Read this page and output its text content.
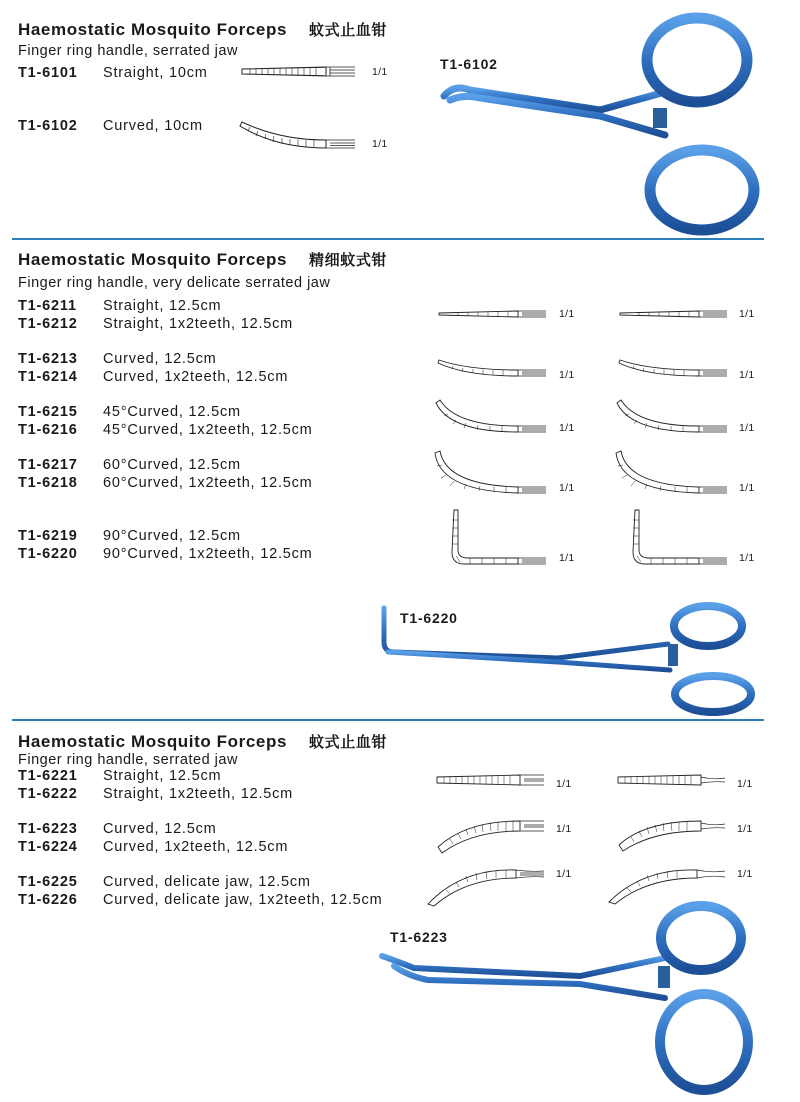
Haemostatic Mosquito Forceps 蚊式止血钳
Finger ring handle, serrated jaw
T1-6101 Straight, 10cm
T1-6102 Curved, 10cm
1/1
1/1
T1-6102
Haemostatic Mosquito Forceps 精细蚊式钳
Finger ring handle, very delicate serrated jaw
T1-6211 Straight, 12.5cm
T1-6212 Straight, 1x2teeth, 12.5cm
T1-6213 Curved, 12.5cm
T1-6214 Curved, 1x2teeth, 12.5cm
T1-6215 45°Curved, 12.5cm
T1-6216 45°Curved, 1x2teeth, 12.5cm
T1-6217 60°Curved, 12.5cm
T1-6218 60°Curved, 1x2teeth, 12.5cm
T1-6219 90°Curved, 12.5cm
T1-6220 90°Curved, 1x2teeth, 12.5cm
1/1
1/1
1/1
1/1
1/1
1/1
1/1
1/1
1/1
1/1
T1-6220
Haemostatic Mosquito Forceps 蚊式止血钳
Finger ring handle, serrated jaw
T1-6221 Straight, 12.5cm
T1-6222 Straight, 1x2teeth, 12.5cm
T1-6223 Curved, 12.5cm
T1-6224 Curved, 1x2teeth, 12.5cm
T1-6225 Curved, delicate jaw, 12.5cm
T1-6226 Curved, delicate jaw, 1x2teeth, 12.5cm
1/1	1/1
1/1	1/1
1/1	1/1
T1-6223
